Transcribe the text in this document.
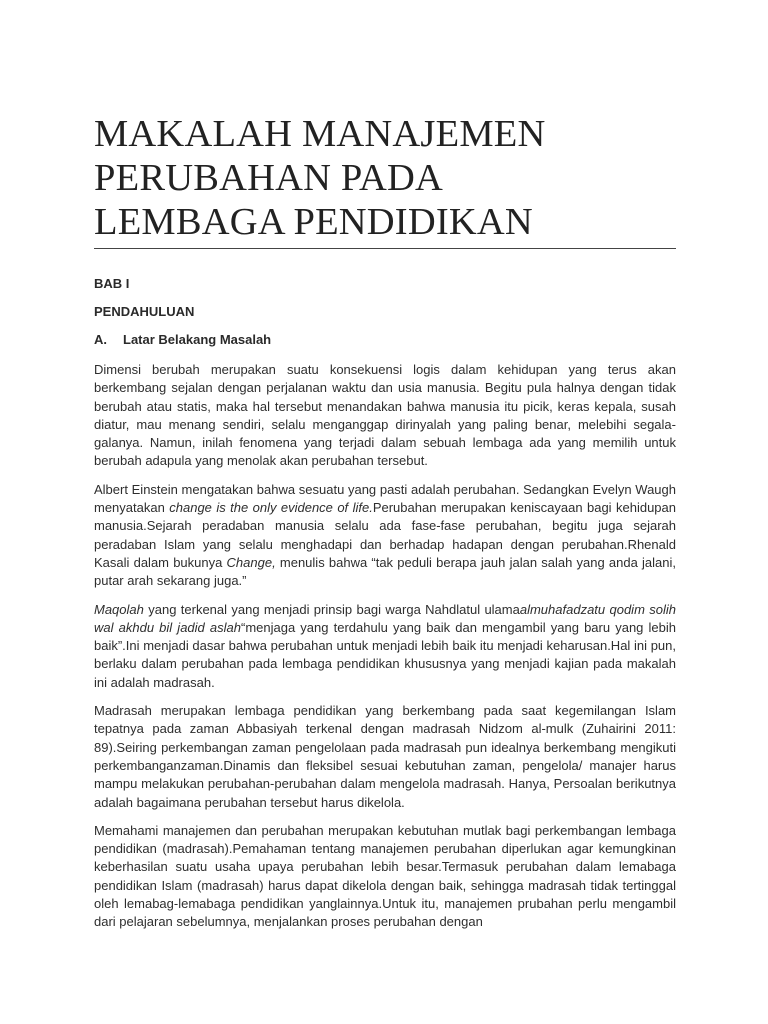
MAKALAH MANAJEMEN
PERUBAHAN PADA
LEMBAGA PENDIDIKAN

BAB I

PENDAHULUAN

A.	Latar Belakang Masalah

Dimensi berubah merupakan suatu konsekuensi logis dalam kehidupan yang terus akan berkembang sejalan dengan perjalanan waktu dan usia manusia. Begitu pula halnya dengan tidak berubah atau statis, maka hal tersebut menandakan bahwa manusia itu picik, keras kepala, susah diatur, mau menang sendiri, selalu menganggap dirinyalah yang paling benar, melebihi segala-galanya. Namun, inilah fenomena yang terjadi dalam sebuah lembaga ada yang memilih untuk berubah adapula yang menolak akan perubahan tersebut.

Albert Einstein mengatakan bahwa sesuatu yang pasti adalah perubahan. Sedangkan Evelyn Waugh menyatakan change is the only evidence of life.Perubahan merupakan keniscayaan bagi kehidupan manusia.Sejarah peradaban manusia selalu ada fase-fase perubahan, begitu juga sejarah peradaban Islam yang selalu menghadapi dan berhadap hadapan dengan perubahan.Rhenald Kasali dalam bukunya Change, menulis bahwa “tak peduli berapa jauh jalan salah yang anda jalani, putar arah sekarang juga.”

Maqolah yang terkenal yang menjadi prinsip bagi warga Nahdlatul ulamaalmuhafadzatu qodim solih wal akhdu bil jadid aslah“menjaga yang terdahulu yang baik dan mengambil yang baru yang lebih baik”.Ini menjadi dasar bahwa perubahan untuk menjadi lebih baik itu menjadi keharusan.Hal ini pun, berlaku dalam perubahan pada lembaga pendidikan khususnya yang menjadi kajian pada makalah ini adalah madrasah.

Madrasah merupakan lembaga pendidikan yang berkembang pada saat kegemilangan Islam tepatnya pada zaman Abbasiyah terkenal dengan madrasah Nidzom al-mulk (Zuhairini 2011: 89).Seiring perkembangan zaman pengelolaan pada madrasah pun idealnya berkembang mengikuti perkembanganzaman.Dinamis dan fleksibel sesuai kebutuhan zaman, pengelola/ manajer harus mampu melakukan perubahan-perubahan dalam mengelola madrasah. Hanya, Persoalan berikutnya adalah bagaimana perubahan tersebut harus dikelola.

Memahami manajemen dan perubahan merupakan kebutuhan mutlak bagi perkembangan lembaga pendidikan (madrasah).Pemahaman tentang manajemen perubahan diperlukan agar kemungkinan keberhasilan suatu usaha upaya perubahan lebih besar.Termasuk perubahan dalam lemabaga pendidikan Islam (madrasah) harus dapat dikelola dengan baik, sehingga madrasah tidak tertinggal oleh lemabag-lemabaga pendidikan yanglainnya.Untuk itu, manajemen prubahan perlu mengambil dari pelajaran sebelumnya, menjalankan proses perubahan dengan
